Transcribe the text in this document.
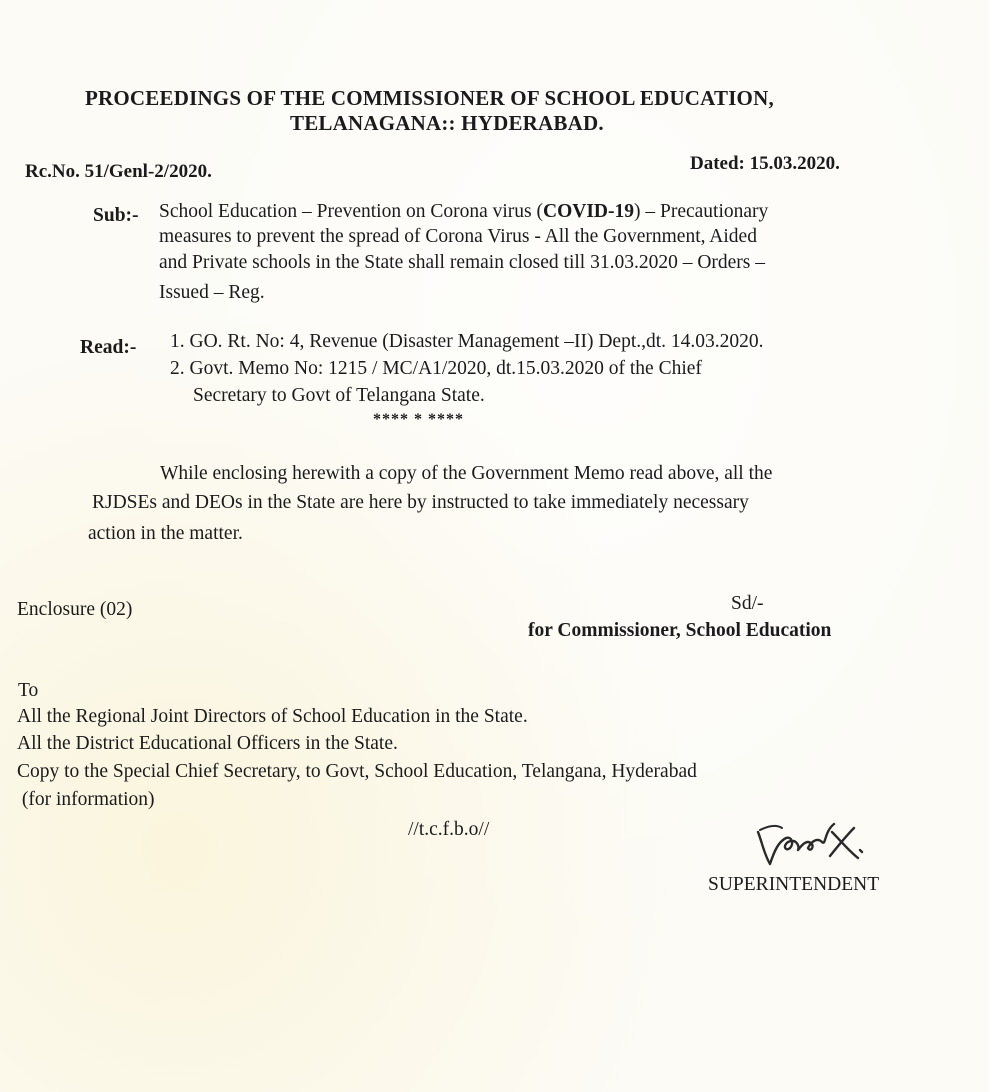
PROCEEDINGS OF THE COMMISSIONER OF SCHOOL EDUCATION,
TELANAGANA:: HYDERABAD.
Rc.No. 51/Genl-2/2020.	Dated: 15.03.2020.
Sub:- School Education – Prevention on Corona virus (COVID-19) – Precautionary
measures to prevent the spread of Corona Virus - All the Government, Aided
and Private schools in the State shall remain closed till 31.03.2020 – Orders –
Issued – Reg.
Read:- 1. GO. Rt. No: 4, Revenue (Disaster Management –II) Dept.,dt. 14.03.2020.
2. Govt. Memo No: 1215 / MC/A1/2020, dt.15.03.2020 of the Chief
Secretary to Govt of Telangana State.
**** * ****
While enclosing herewith a copy of the Government Memo read above, all the
RJDSEs and DEOs in the State are here by instructed to take immediately necessary
action in the matter.
Enclosure (02)	Sd/-
for Commissioner, School Education
To
All the Regional Joint Directors of School Education in the State.
All the District Educational Officers in the State.
Copy to the Special Chief Secretary, to Govt, School Education, Telangana, Hyderabad
(for information)
//t.c.f.b.o//
SUPERINTENDENT
